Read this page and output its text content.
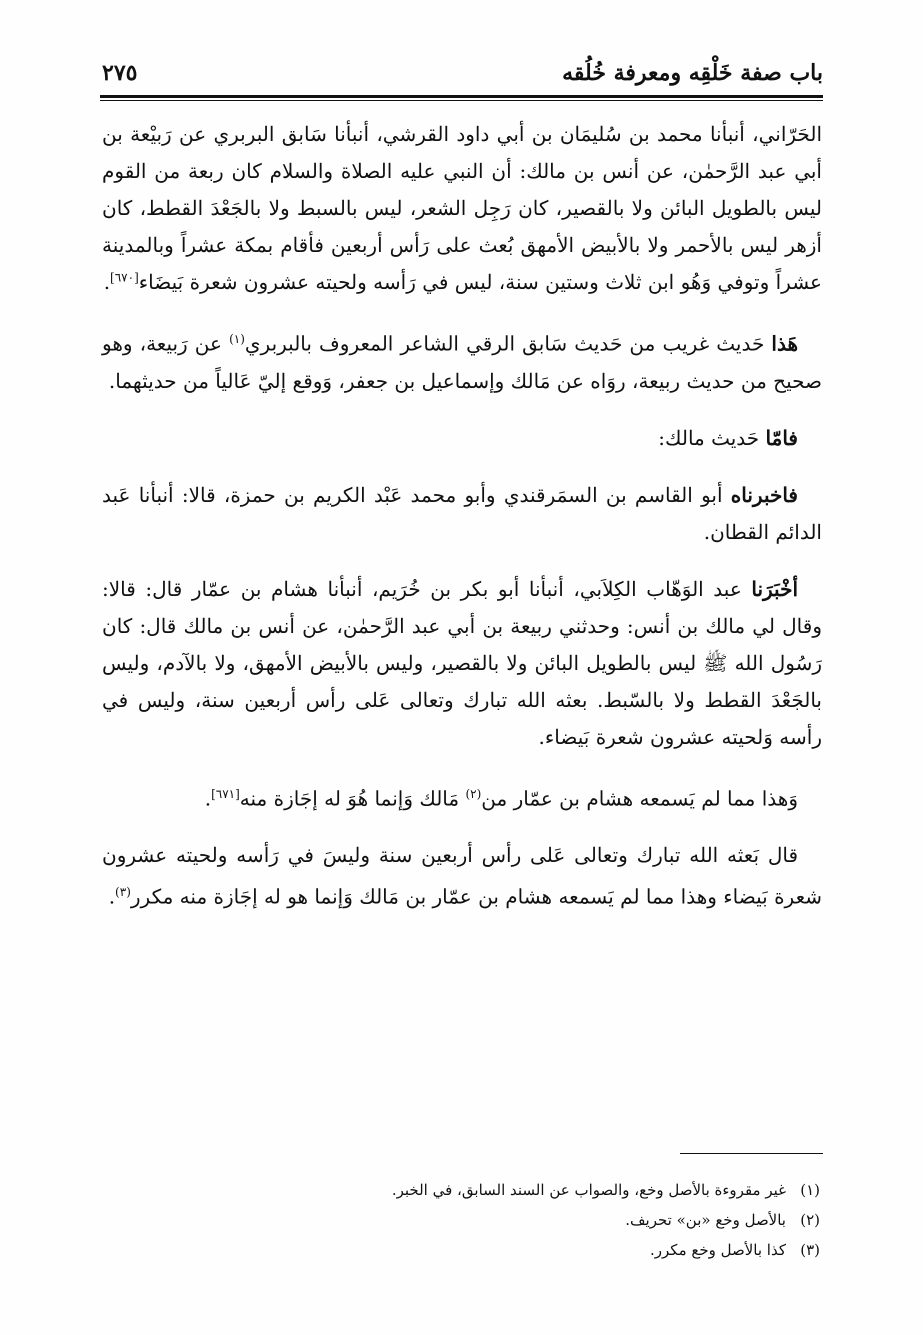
باب صفة خَلْقِه ومعرفة خُلُقه
٢٧٥

الحَرّاني، أنبأنا محمد بن سُليمَان بن أبي داود القرشي، أنبأنا سَابق البربري عن رَبيْعة بن أبي عبد الرَّحمٰن، عن أنس بن مالك: أن النبي عليه الصلاة والسلام كان ربعة من القوم ليس بالطويل البائن ولا بالقصير، كان رَجِل الشعر، ليس بالسبط ولا بالجَعْدَ القطط، كان أزهر ليس بالأحمر ولا بالأبيض الأمهق بُعث على رَأس أربعين فأقام بمكة عشراً وبالمدينة عشراً وتوفي وَهُو ابن ثلاث وستين سنة، ليس في رَأسه ولحيته عشرون شعرة بَيضَاء[٦٧٠].

هَذا حَديث غريب من حَديث سَابق الرقي الشاعر المعروف بالبربري$^{(١)}$ عن رَبيعة، وهو صحيح من حديث ربيعة، روَاه عن مَالك وإسماعيل بن جعفر، وَوقع إليّ عَالياً من حديثهما.

فامّا حَديث مالك:

فاخبرناه أبو القاسم بن السمَرقندي وأبو محمد عَبْد الكريم بن حمزة، قالا: أنبأنا عَبد الدائم القطان.

أخْبَرَنا عبد الوَهّاب الكِلاَبي، أنبأنا أبو بكر بن خُرَيم، أنبأنا هشام بن عمّار قال: قالا: وقال لي مالك بن أنس: وحدثني ربيعة بن أبي عبد الرَّحمٰن، عن أنس بن مالك قال: كان رَسُول الله ﷺ ليس بالطويل البائن ولا بالقصير، وليس بالأبيض الأمهق، ولا بالآدم، وليس بالجَعْدَ القطط ولا بالسّبط. بعثه الله تبارك وتعالى عَلى رأس أربعين سنة، وليس في رأسه وَلحيته عشرون شعرة بَيضاء.

وَهذا مما لم يَسمعه هشام بن عمّار من$^{(٢)}$ مَالك وَإنما هُوَ له إجَازة منه[٦٧١].

قال بَعثه الله تبارك وتعالى عَلى رأس أربعين سنة وليسَ في رَأسه ولحيته عشرون شعرة بَيضاء وهذا مما لم يَسمعه هشام بن عمّار بن مَالك وَإنما هو له إجَازة منه مكرر$^{(٣)}$.

(١)غير مقروءة بالأصل وخع، والصواب عن السند السابق، في الخبر.
(٢)بالأصل وخع «بن» تحريف.
(٣)كذا بالأصل وخع مكرر.
